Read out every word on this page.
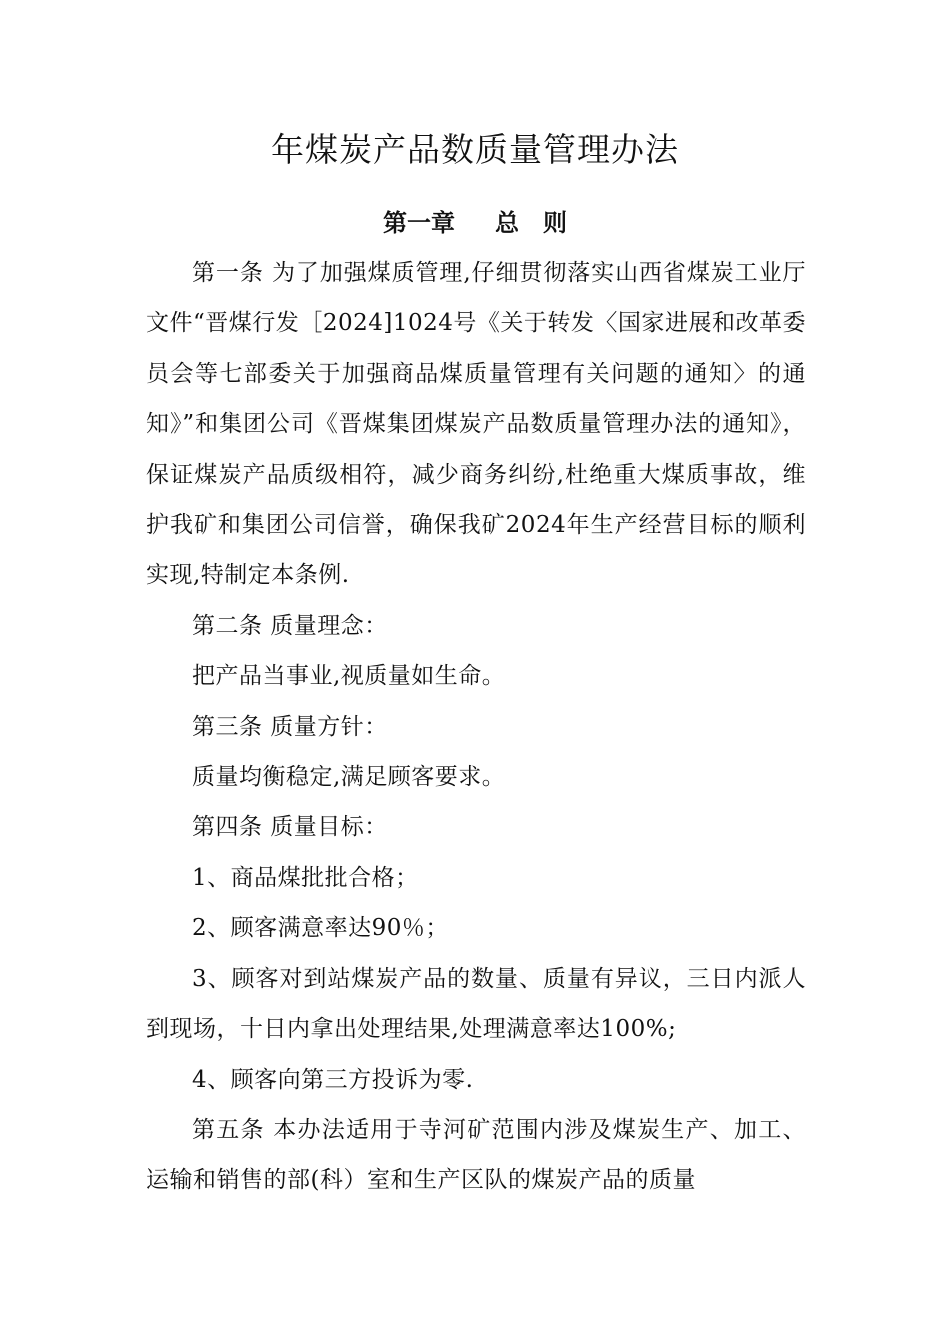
年煤炭产品数质量管理办法
第一章 总　则

第一条 为了加强煤质管理,仔细贯彻落实山西省煤炭工业厅文件“晋煤行发［2024]1024号《关于转发〈国家进展和改革委员会等七部委关于加强商品煤质量管理有关问题的通知〉的通知》”和集团公司《晋煤集团煤炭产品数质量管理办法的通知》，保证煤炭产品质级相符，减少商务纠纷,杜绝重大煤质事故，维护我矿和集团公司信誉，确保我矿2024年生产经营目标的顺利实现,特制定本条例.

第二条 质量理念：

把产品当事业,视质量如生命。

第三条 质量方针：

质量均衡稳定,满足顾客要求。

第四条 质量目标：

1、商品煤批批合格；

2、顾客满意率达90％；

3、顾客对到站煤炭产品的数量、质量有异议，三日内派人到现场，十日内拿出处理结果,处理满意率达100%;

4、顾客向第三方投诉为零.

第五条 本办法适用于寺河矿范围内涉及煤炭生产、加工、运输和销售的部(科）室和生产区队的煤炭产品的质量
